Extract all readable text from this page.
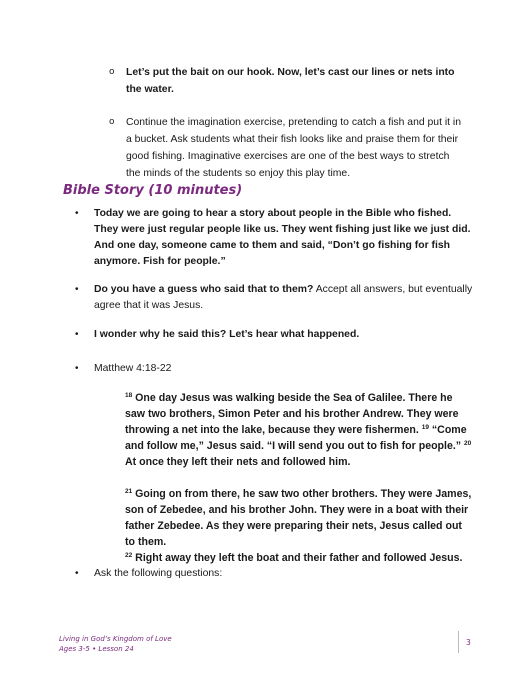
o Let’s put the bait on our hook. Now, let’s cast our lines or nets into the water.
o Continue the imagination exercise, pretending to catch a fish and put it in a bucket. Ask students what their fish looks like and praise them for their good fishing. Imaginative exercises are one of the best ways to stretch the minds of the students so enjoy this play time.
Bible Story (10 minutes)
• Today we are going to hear a story about people in the Bible who fished. They were just regular people like us. They went fishing just like we just did. And one day, someone came to them and said, “Don’t go fishing for fish anymore. Fish for people.”
• Do you have a guess who said that to them? Accept all answers, but eventually agree that it was Jesus.
• I wonder why he said this? Let’s hear what happened.
• Matthew 4:18-22
$^{18}$ One day Jesus was walking beside the Sea of Galilee. There he saw two brothers, Simon Peter and his brother Andrew. They were throwing a net into the lake, because they were fishermen. $^{19}$ “Come and follow me,” Jesus said. “I will send you out to fish for people.” $^{20}$ At once they left their nets and followed him.
$^{21}$ Going on from there, he saw two other brothers. They were James, son of Zebedee, and his brother John. They were in a boat with their father Zebedee. As they were preparing their nets, Jesus called out to them.
$^{22}$ Right away they left the boat and their father and followed Jesus.
• Ask the following questions:
Living in God’s Kingdom of Love
Ages 3-5 • Lesson 24
3
